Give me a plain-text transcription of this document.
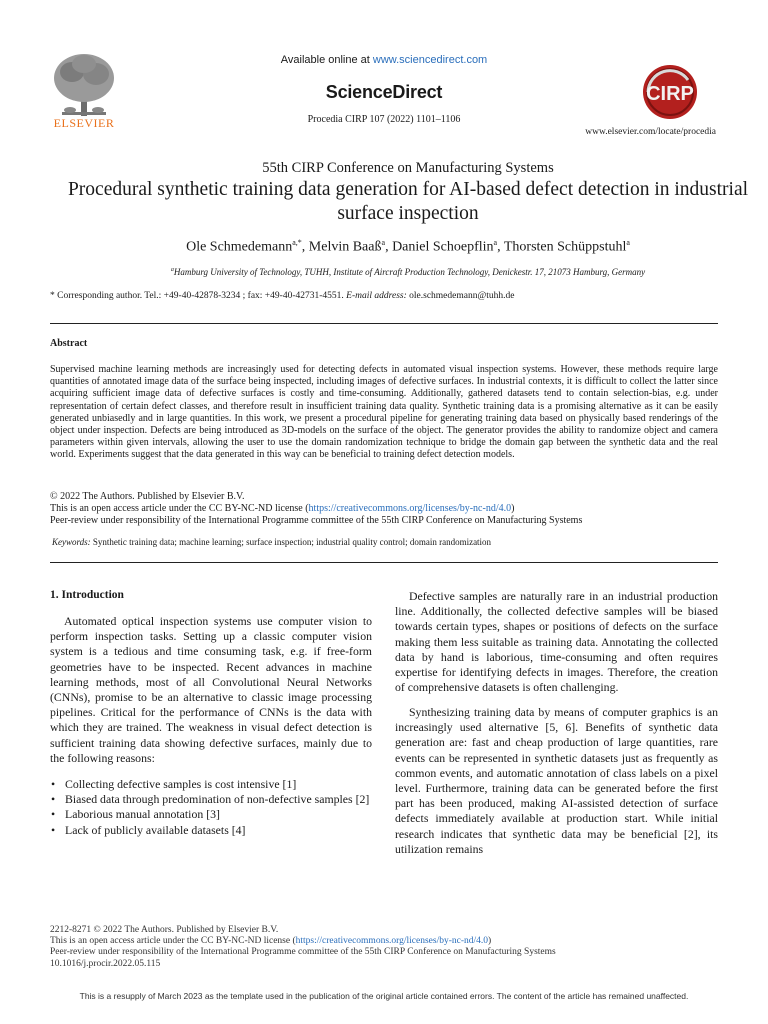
ELSEVIER
Available online at www.sciencedirect.com
ScienceDirect
Procedia CIRP 107 (2022) 1101–1106
CIRP
www.elsevier.com/locate/procedia
55th CIRP Conference on Manufacturing Systems
Procedural synthetic training data generation for AI-based defect detection in industrial surface inspection
Ole Schmedemann$^{a,*}$, Melvin Baaß$^a$, Daniel Schoepflin$^a$, Thorsten Schüppstuhl$^a$
$^a$Hamburg University of Technology, TUHH, Institute of Aircraft Production Technology, Denickestr. 17, 21073 Hamburg, Germany
* Corresponding author. Tel.: +49-40-42878-3234 ; fax: +49-40-42731-4551. E-mail address: ole.schmedemann@tuhh.de
Abstract
Supervised machine learning methods are increasingly used for detecting defects in automated visual inspection systems. However, these methods require large quantities of annotated image data of the surface being inspected, including images of defective surfaces. In industrial contexts, it is difficult to collect the latter since acquiring sufficient image data of defective surfaces is costly and time-consuming. Additionally, gathered datasets tend to contain selection-bias, e.g. under representation of certain defect classes, and therefore result in insufficient training data quality. Synthetic training data is a promising alternative as it can be easily generated unbiasedly and in large quantities. In this work, we present a procedural pipeline for generating training data based on physically based renderings of the object under inspection. Defects are being introduced as 3D-models on the surface of the object. The generator provides the ability to randomize object and camera parameters within given intervals, allowing the user to use the domain randomization technique to bridge the domain gap between the synthetic data and the real world. Experiments suggest that the data generated in this way can be beneficial to training defect detection models.
© 2022 The Authors. Published by Elsevier B.V.
This is an open access article under the CC BY-NC-ND license (https://creativecommons.org/licenses/by-nc-nd/4.0)
Peer-review under responsibility of the International Programme committee of the 55th CIRP Conference on Manufacturing Systems
Keywords: Synthetic training data; machine learning; surface inspection; industrial quality control; domain randomization
1. Introduction
Automated optical inspection systems use computer vision to perform inspection tasks. Setting up a classic computer vision system is a tedious and time consuming task, e.g. if free-form geometries have to be inspected. Recent advances in machine learning methods, most of all Convolutional Neural Networks (CNNs), promise to be an alternative to classic image processing pipelines. Critical for the performance of CNNs is the data with which they are trained. The weakness in visual defect detection is sufficient training data showing defective surfaces, mainly due to the following reasons:
• Collecting defective samples is cost intensive [1]
• Biased data through predomination of non-defective samples [2]
• Laborious manual annotation [3]
• Lack of publicly available datasets [4]
Defective samples are naturally rare in an industrial production line. Additionally, the collected defective samples will be biased towards certain types, shapes or positions of defects on the surface making them less suitable as training data. Annotating the collected data by hand is laborious, time-consuming and often requires expertise for identifying defects in images. Therefore, the creation of comprehensive datasets is often challenging.
Synthesizing training data by means of computer graphics is an increasingly used alternative [5, 6]. Benefits of synthetic data generation are: fast and cheap production of large quantities, rare events can be represented in synthetic datasets just as frequently as common events, and automatic annotation of class labels on a pixel level. Furthermore, training data can be generated before the first part has been produced, making AI-assisted detection of surface defects immediately available at production start. While initial research indicates that synthetic data may be beneficial [2], its utilization remains
2212-8271 © 2022 The Authors. Published by Elsevier B.V.
This is an open access article under the CC BY-NC-ND license (https://creativecommons.org/licenses/by-nc-nd/4.0)
Peer-review under responsibility of the International Programme committee of the 55th CIRP Conference on Manufacturing Systems
10.1016/j.procir.2022.05.115
This is a resupply of March 2023 as the template used in the publication of the original article contained errors. The content of the article has remained unaffected.
